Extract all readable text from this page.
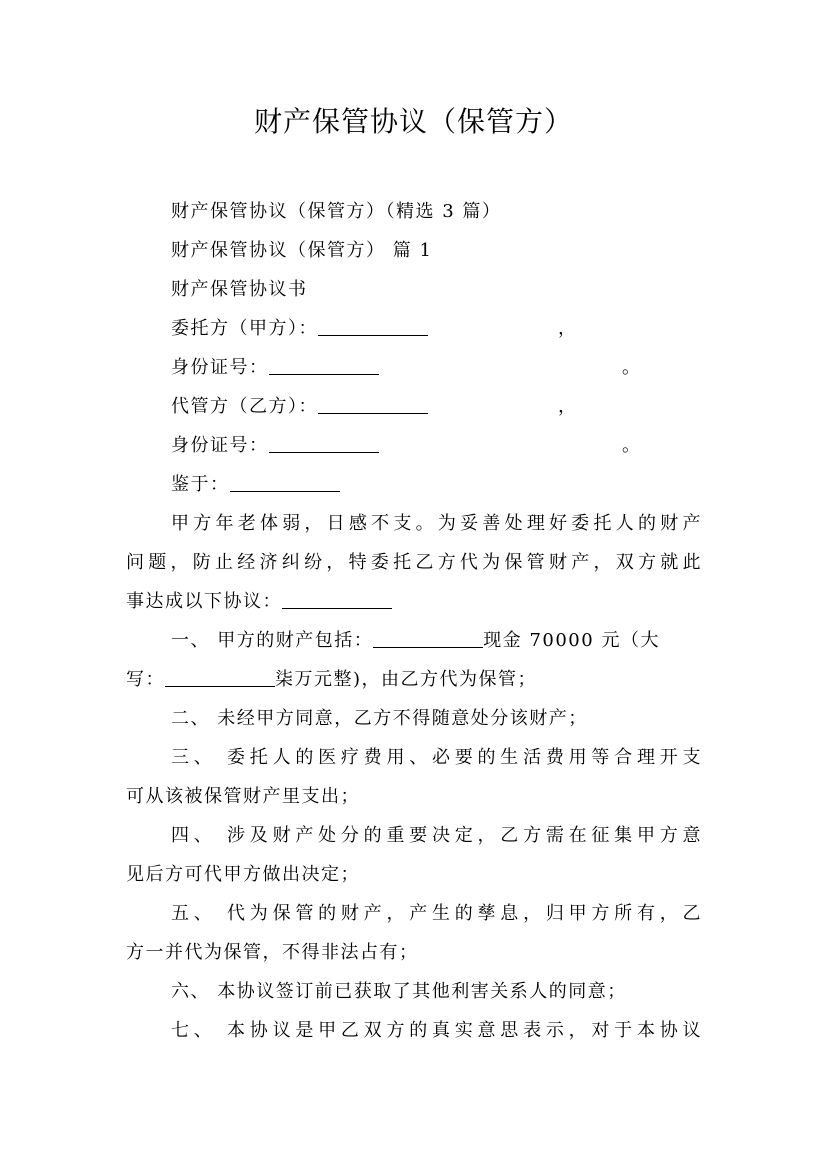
财产保管协议（保管方）
财产保管协议（保管方）（精选 3 篇）
财产保管协议（保管方） 篇 1
财产保管协议书
委托方（甲方）：	，
身份证号：	。
代管方（乙方）：	，
身份证号：	。
鉴于：
甲方年老体弱，日感不支。为妥善处理好委托人的财产
问题，防止经济纠纷，特委托乙方代为保管财产，双方就此
事达成以下协议：
一、 甲方的财产包括：	现金 70000 元（大
写：	柒万元整)，由乙方代为保管；
二、 未经甲方同意，乙方不得随意处分该财产；
三、 委托人的医疗费用、必要的生活费用等合理开支
可从该被保管财产里支出；
四、 涉及财产处分的重要决定，乙方需在征集甲方意
见后方可代甲方做出决定；
五、 代为保管的财产，产生的孳息，归甲方所有，乙
方一并代为保管，不得非法占有；
六、 本协议签订前已获取了其他利害关系人的同意；
七、 本协议是甲乙双方的真实意思表示，对于本协议
